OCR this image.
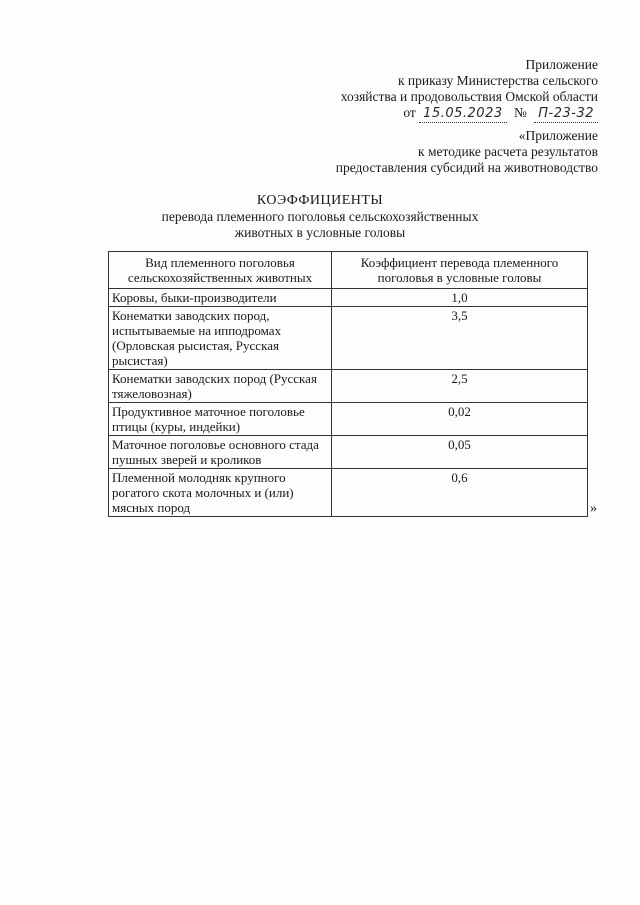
Приложение
к приказу Министерства сельского
хозяйства и продовольствия Омской области
от 15.05.2023 № П-23-32
«Приложение
к методике расчета результатов
предоставления субсидий на животноводство
КОЭФФИЦИЕНТЫ
перевода племенного поголовья сельскохозяйственных
животных в условные головы
Вид племенного поголовья сельскохозяйственных животных	Коэффициент перевода племенного поголовья в условные головы
Коровы, быки-производители	1,0
Конематки заводских пород, испытываемые на ипподромах (Орловская рысистая, Русская рысистая)	3,5
Конематки заводских пород (Русская тяжеловозная)	2,5
Продуктивное маточное поголовье птицы (куры, индейки)	0,02
Маточное поголовье основного стада пушных зверей и кроликов	0,05
Племенной молодняк крупного рогатого скота молочных и (или) мясных пород	0,6
»
